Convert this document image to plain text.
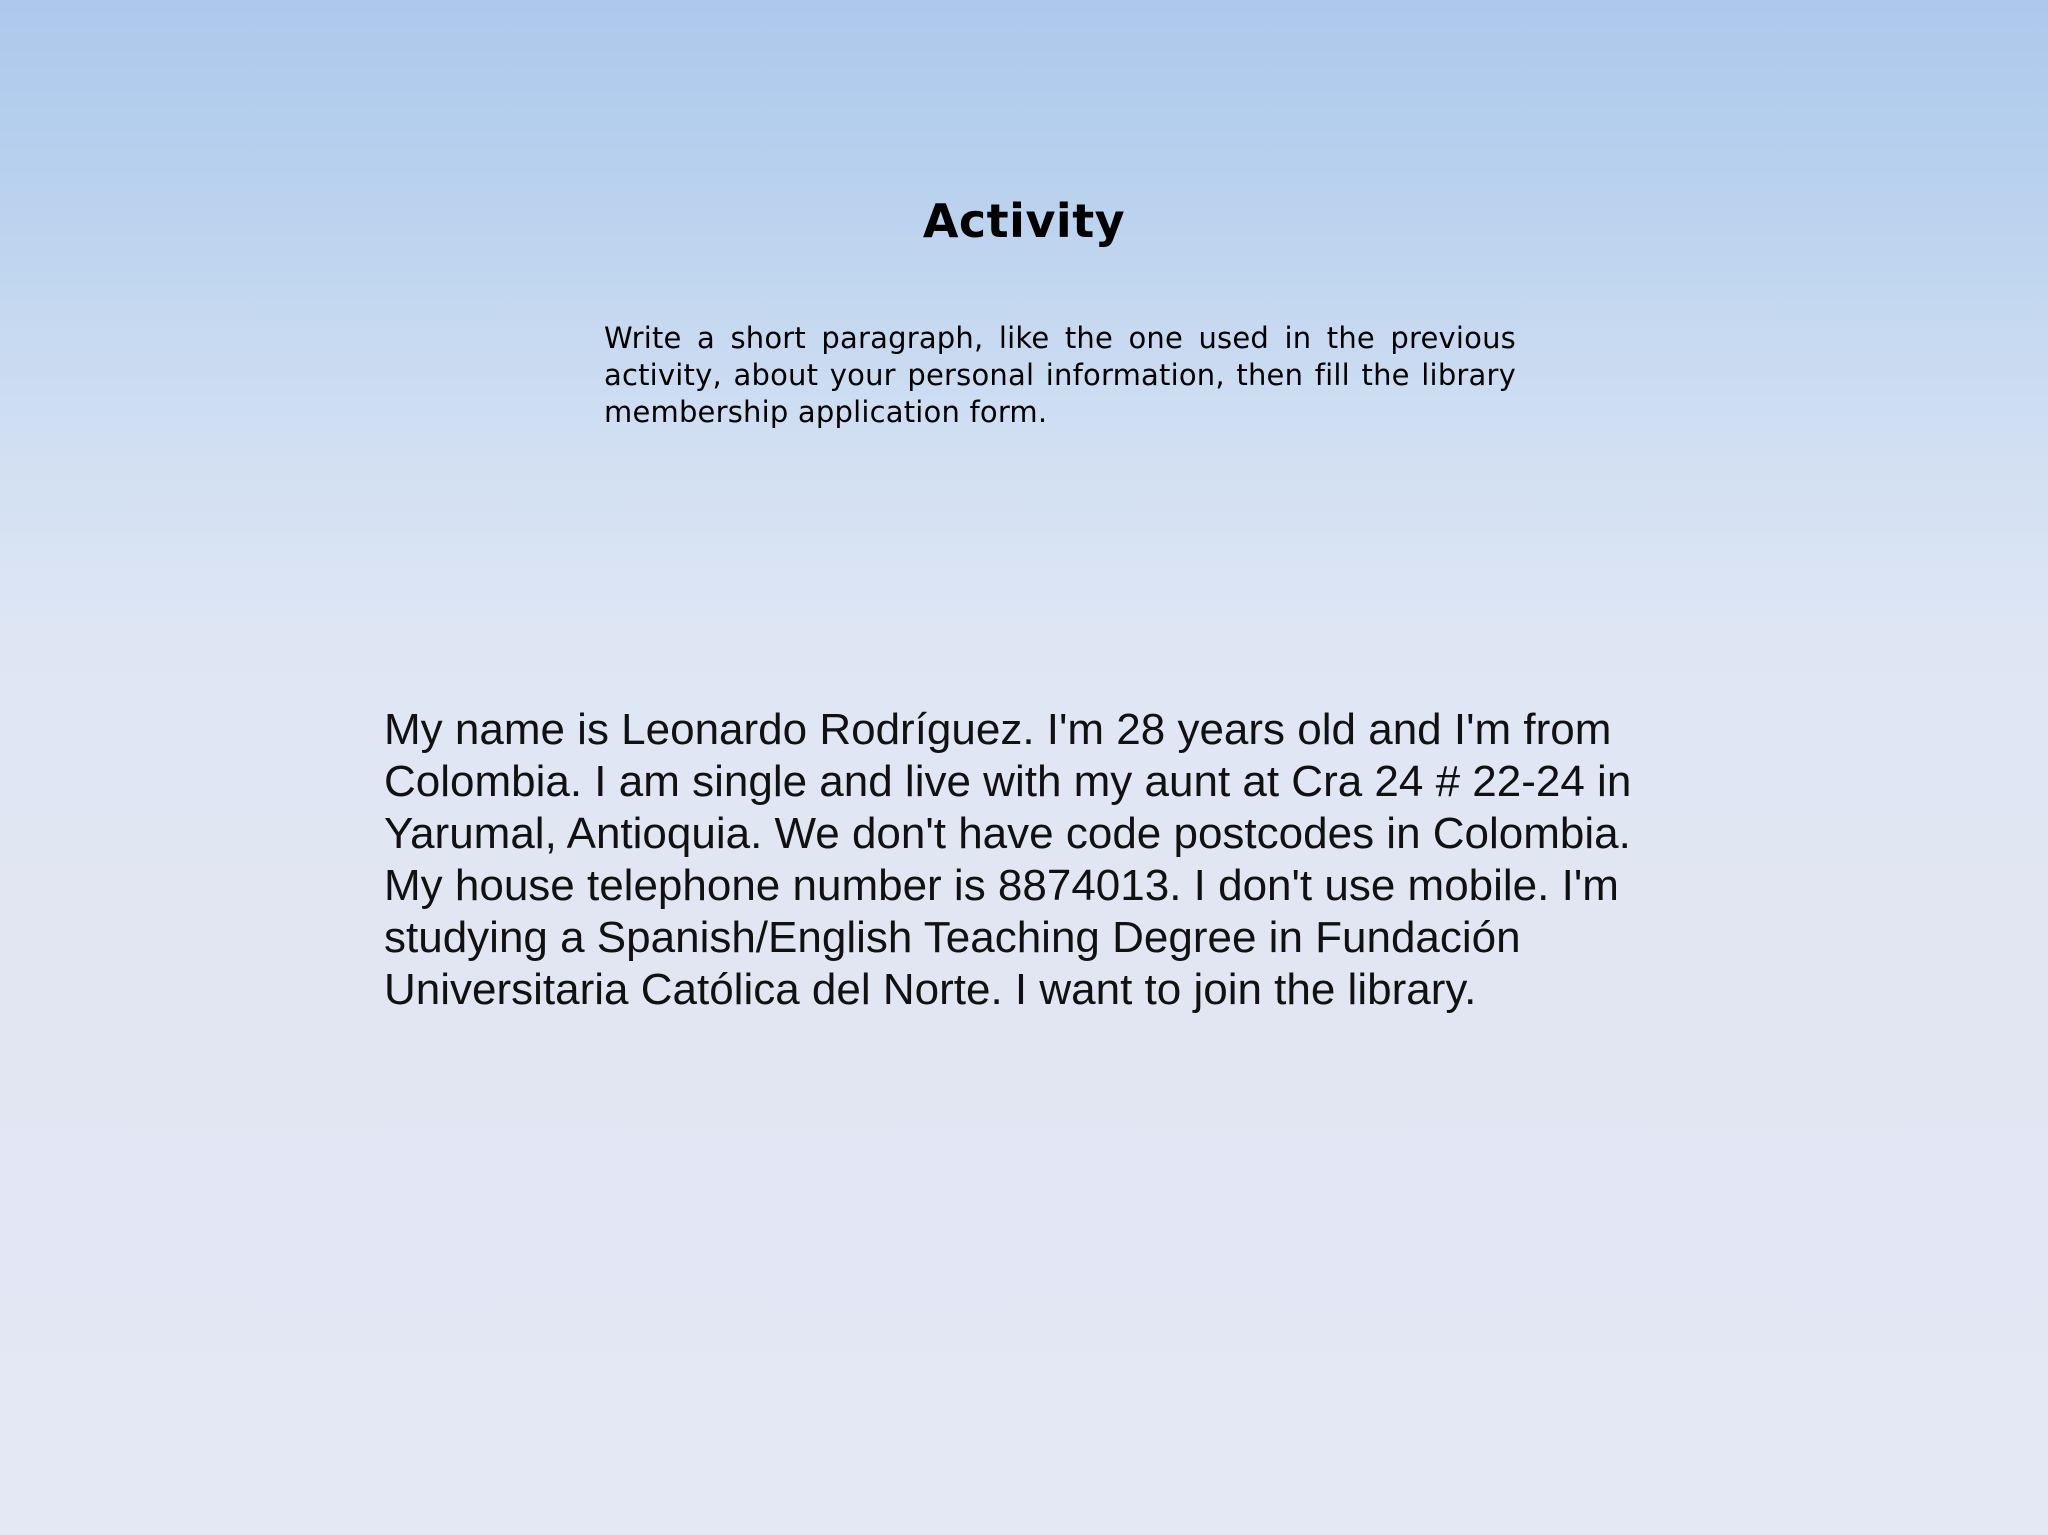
Activity
Write a short paragraph, like the one used in the previous activity, about your personal information, then fill the library membership application form.
My name is Leonardo Rodríguez. I'm 28 years old and I'm from Colombia. I am single and live with my aunt at Cra 24 # 22-24 in Yarumal, Antioquia. We don't have code postcodes in Colombia. My house telephone number is 8874013. I don't use mobile. I'm studying a Spanish/English Teaching Degree in Fundación Universitaria Católica del Norte. I want to join the library.
